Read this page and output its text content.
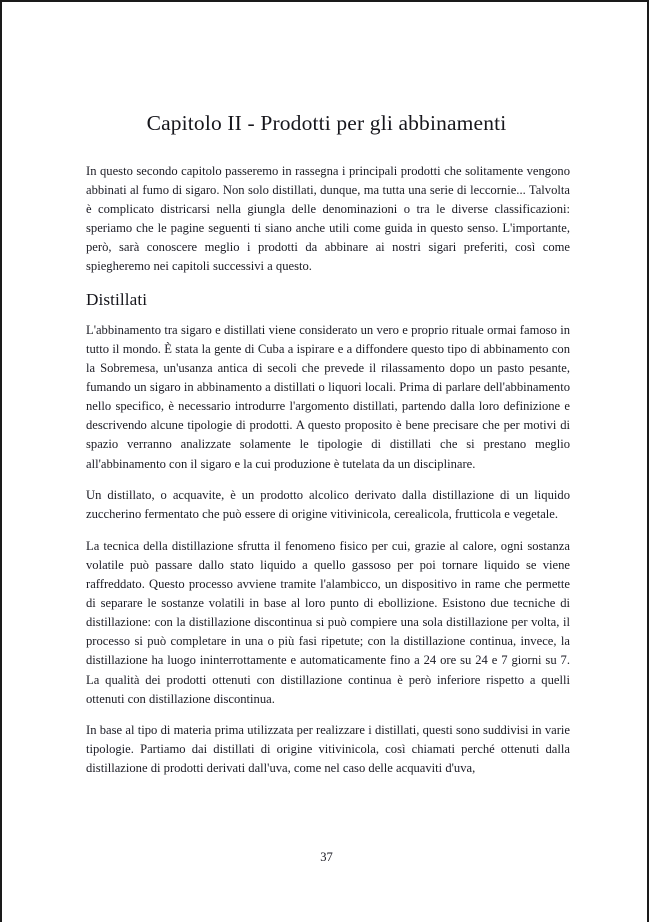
Capitolo II - Prodotti per gli abbinamenti

In questo secondo capitolo passeremo in rassegna i principali prodotti che solitamente vengono abbinati al fumo di sigaro. Non solo distillati, dunque, ma tutta una serie di leccornie... Talvolta è complicato districarsi nella giungla delle denominazioni o tra le diverse classificazioni: speriamo che le pagine seguenti ti siano anche utili come guida in questo senso. L'importante, però, sarà conoscere meglio i prodotti da abbinare ai nostri sigari preferiti, così come spiegheremo nei capitoli successivi a questo.

Distillati

L'abbinamento tra sigaro e distillati viene considerato un vero e proprio rituale ormai famoso in tutto il mondo. È stata la gente di Cuba a ispirare e a diffondere questo tipo di abbinamento con la Sobremesa, un'usanza antica di secoli che prevede il rilassamento dopo un pasto pesante, fumando un sigaro in abbinamento a distillati o liquori locali. Prima di parlare dell'abbinamento nello specifico, è necessario introdurre l'argomento distillati, partendo dalla loro definizione e descrivendo alcune tipologie di prodotti. A questo proposito è bene precisare che per motivi di spazio verranno analizzate solamente le tipologie di distillati che si prestano meglio all'abbinamento con il sigaro e la cui produzione è tutelata da un disciplinare.

Un distillato, o acquavite, è un prodotto alcolico derivato dalla distillazione di un liquido zuccherino fermentato che può essere di origine vitivinicola, cerealicola, frutticola e vegetale.

La tecnica della distillazione sfrutta il fenomeno fisico per cui, grazie al calore, ogni sostanza volatile può passare dallo stato liquido a quello gassoso per poi tornare liquido se viene raffreddato. Questo processo avviene tramite l'alambicco, un dispositivo in rame che permette di separare le sostanze volatili in base al loro punto di ebollizione. Esistono due tecniche di distillazione: con la distillazione discontinua si può compiere una sola distillazione per volta, il processo si può completare in una o più fasi ripetute; con la distillazione continua, invece, la distillazione ha luogo ininterrottamente e automaticamente fino a 24 ore su 24 e 7 giorni su 7. La qualità dei prodotti ottenuti con distillazione continua è però inferiore rispetto a quelli ottenuti con distillazione discontinua.

In base al tipo di materia prima utilizzata per realizzare i distillati, questi sono suddivisi in varie tipologie. Partiamo dai distillati di origine vitivinicola, così chiamati perché ottenuti dalla distillazione di prodotti derivati dall'uva, come nel caso delle acquaviti d'uva,

37
